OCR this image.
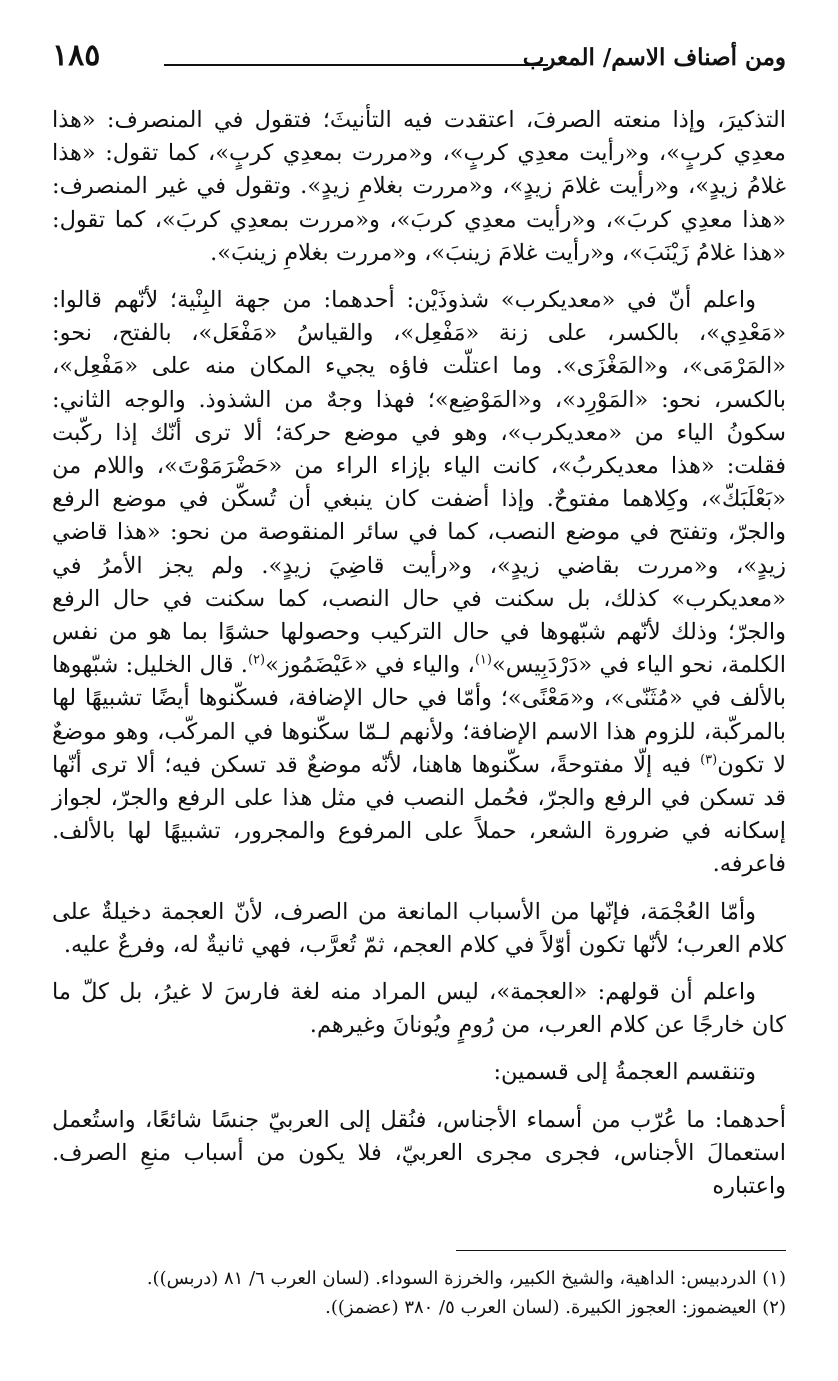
ومن أصناف الاسم/ المعرب
١٨٥

التذكيرَ، وإذا منعته الصرفَ، اعتقدت فيه التأنيثَ؛ فتقول في المنصرف: «هذا معدِي كربٍ»، و«رأيت معدِي كربٍ»، و«مررت بمعدِي كربٍ»، كما تقول: «هذا غلامُ زيدٍ»، و«رأيت غلامَ زيدٍ»، و«مررت بغلامِ زيدٍ». وتقول في غير المنصرف: «هذا معدِي كربَ»، و«رأيت معدِي كربَ»، و«مررت بمعدِي كربَ»، كما تقول: «هذا غلامُ زَيْنَبَ»، و«رأيت غلامَ زينبَ»، و«مررت بغلامِ زينبَ».

واعلم أنّ في «معديكرب» شذوذَيْن: أحدهما: من جهة البِنْية؛ لأنّهم قالوا: «مَعْدِي»، بالكسر، على زنة «مَفْعِل»، والقياسُ «مَفْعَل»، بالفتح، نحو: «المَرْمَى»، و«المَغْزَى». وما اعتلّت فاؤه يجيء المكان منه على «مَفْعِل»، بالكسر، نحو: «المَوْرِد»، و«المَوْضِع»؛ فهذا وجهٌ من الشذوذ. والوجه الثاني: سكونُ الياء من «معديكرب»، وهو في موضع حركة؛ ألا ترى أنّك إذا ركّبت فقلت: «هذا معديكربُ»، كانت الياء بإزاء الراء من «حَضْرَمَوْتَ»، واللام من «بَعْلَبَكّ»، وكِلاهما مفتوحٌ. وإذا أضفت كان ينبغي أن تُسكّن في موضع الرفع والجرّ، وتفتح في موضع النصب، كما في سائر المنقوصة من نحو: «هذا قاضي زيدٍ»، و«مررت بقاضي زيدٍ»، و«رأيت قاضِيَ زيدٍ». ولم يجز الأمرُ في «معديكرب» كذلك، بل سكنت في حال النصب، كما سكنت في حال الرفع والجرّ؛ وذلك لأنّهم شبّهوها في حال التركيب وحصولها حشوًا بما هو من نفس الكلمة، نحو الياء في «دَرْدَبِيس»$^{(١)}$، والياء في «عَيْضَمُوز»$^{(٢)}$. قال الخليل: شبّهوها بالألف في «مُثَنّى»، و«مَعْنًى»؛ وأمّا في حال الإضافة، فسكّنوها أيضًا تشبيهًا لها بالمركّبة، للزوم هذا الاسم الإضافة؛ ولأنهم لـمّا سكّنوها في المركّب، وهو موضعٌ لا تكون$^{(٣)}$ فيه إلّا مفتوحةً، سكّنوها هاهنا، لأنّه موضعٌ قد تسكن فيه؛ ألا ترى أنّها قد تسكن في الرفع والجرّ، فحُمل النصب في مثل هذا على الرفع والجرّ، لجواز إسكانه في ضرورة الشعر، حملاً على المرفوع والمجرور، تشبيهًا لها بالألف. فاعرفه.

وأمّا العُجْمَة، فإنّها من الأسباب المانعة من الصرف، لأنّ العجمة دخيلةٌ على كلام العرب؛ لأنّها تكون أوّلاً في كلام العجم، ثمّ تُعرَّب، فهي ثانيةٌ له، وفرعٌ عليه.

واعلم أن قولهم: «العجمة»، ليس المراد منه لغة فارسَ لا غيرُ، بل كلّ ما كان خارجًا عن كلام العرب، من رُومٍ ويُونانَ وغيرهم.

وتنقسم العجمةُ إلى قسمين:

أحدهما: ما عُرّب من أسماء الأجناس، فنُقل إلى العربيّ جنسًا شائعًا، واستُعمل استعمالَ الأجناس، فجرى مجرى العربيّ، فلا يكون من أسباب منعِ الصرف. واعتباره

(١) الدردبيس: الداهية، والشيخ الكبير، والخرزة السوداء. (لسان العرب ٦/ ٨١ (دربس)).
(٢) العيضموز: العجوز الكبيرة. (لسان العرب ٥/ ٣٨٠ (عضمز)).
